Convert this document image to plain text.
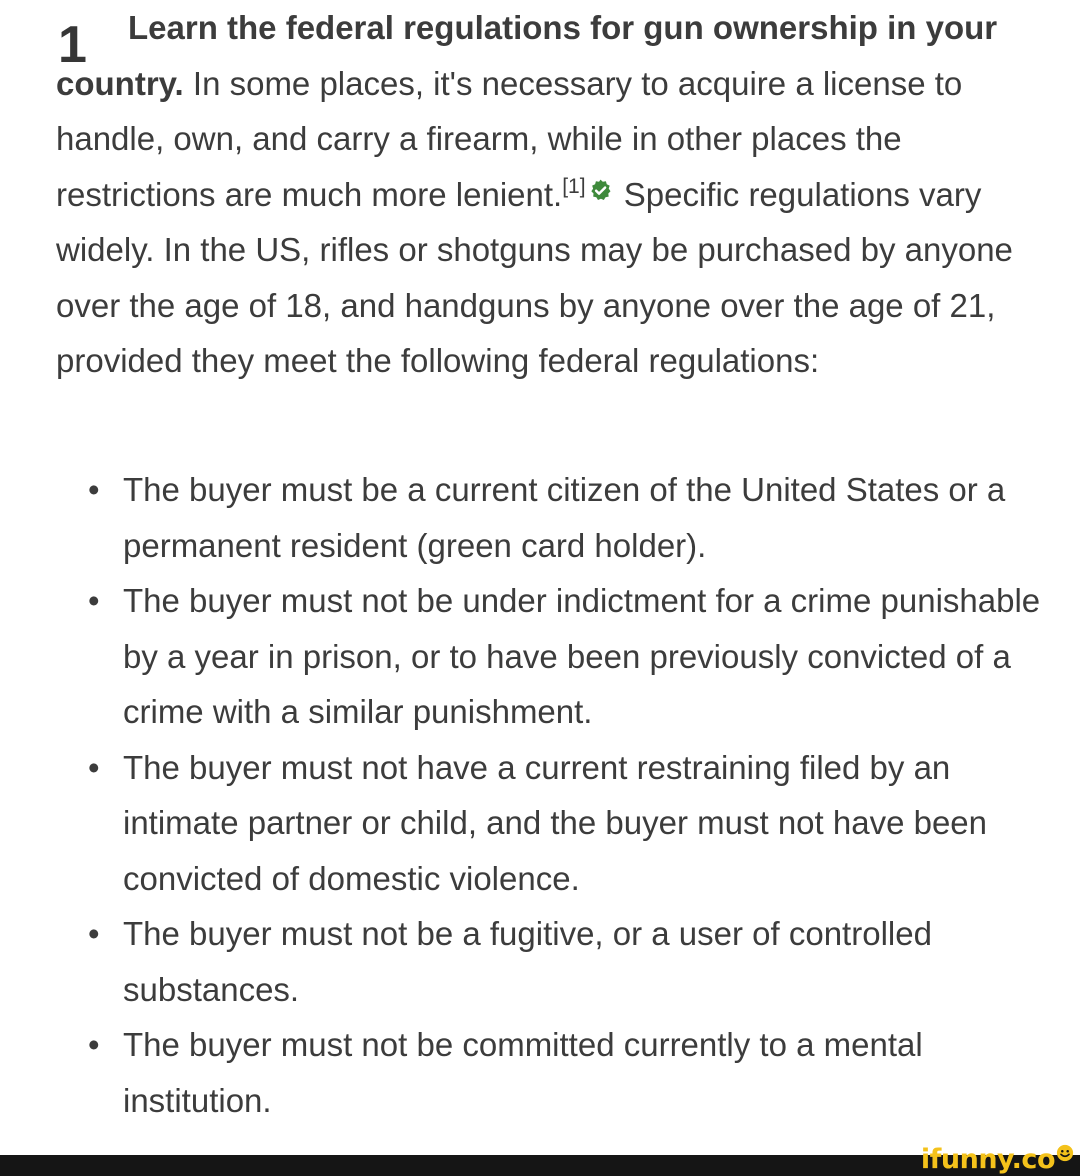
1	Learn the federal regulations for gun ownership in your country. In some places, it's necessary to acquire a license to handle, own, and carry a firearm, while in other places the restrictions are much more lenient.[1] Specific regulations vary widely. In the US, rifles or shotguns may be purchased by anyone over the age of 18, and handguns by anyone over the age of 21, provided they meet the following federal regulations:
• The buyer must be a current citizen of the United States or a permanent resident (green card holder).
• The buyer must not be under indictment for a crime punishable by a year in prison, or to have been previously convicted of a crime with a similar punishment.
• The buyer must not have a current restraining filed by an intimate partner or child, and the buyer must not have been convicted of domestic violence.
• The buyer must not be a fugitive, or a user of controlled substances.
• The buyer must not be committed currently to a mental institution.
ifunny.co
